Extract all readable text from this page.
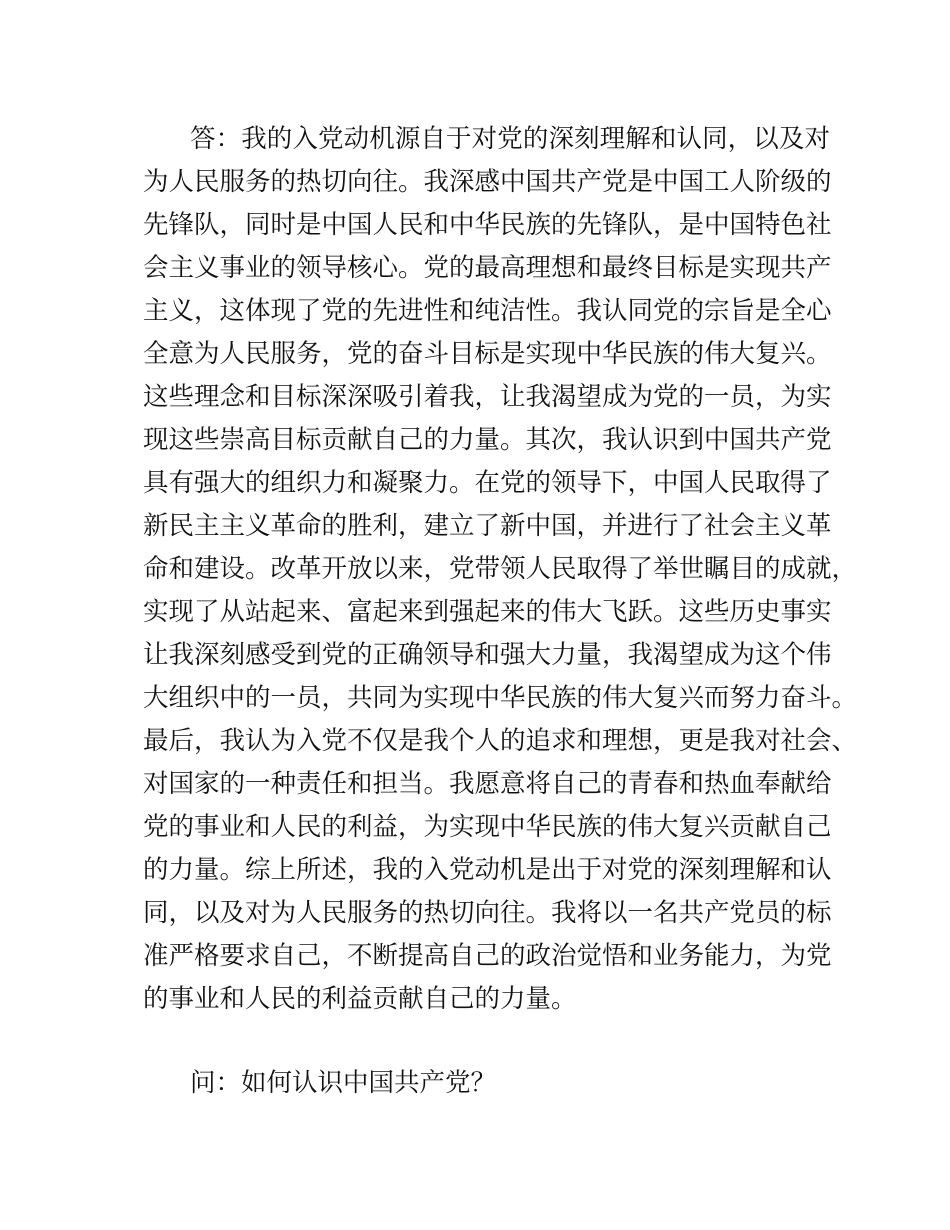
答：我的入党动机源自于对党的深刻理解和认同，以及对
为人民服务的热切向往。我深感中国共产党是中国工人阶级的
先锋队，同时是中国人民和中华民族的先锋队，是中国特色社
会主义事业的领导核心。党的最高理想和最终目标是实现共产
主义，这体现了党的先进性和纯洁性。我认同党的宗旨是全心
全意为人民服务，党的奋斗目标是实现中华民族的伟大复兴。
这些理念和目标深深吸引着我，让我渴望成为党的一员，为实
现这些崇高目标贡献自己的力量。其次，我认识到中国共产党
具有强大的组织力和凝聚力。在党的领导下，中国人民取得了
新民主主义革命的胜利，建立了新中国，并进行了社会主义革
命和建设。改革开放以来，党带领人民取得了举世瞩目的成就，
实现了从站起来、富起来到强起来的伟大飞跃。这些历史事实
让我深刻感受到党的正确领导和强大力量，我渴望成为这个伟
大组织中的一员，共同为实现中华民族的伟大复兴而努力奋斗。
最后，我认为入党不仅是我个人的追求和理想，更是我对社会、
对国家的一种责任和担当。我愿意将自己的青春和热血奉献给
党的事业和人民的利益，为实现中华民族的伟大复兴贡献自己
的力量。综上所述，我的入党动机是出于对党的深刻理解和认
同，以及对为人民服务的热切向往。我将以一名共产党员的标
准严格要求自己，不断提高自己的政治觉悟和业务能力，为党
的事业和人民的利益贡献自己的力量。
问：如何认识中国共产党？
